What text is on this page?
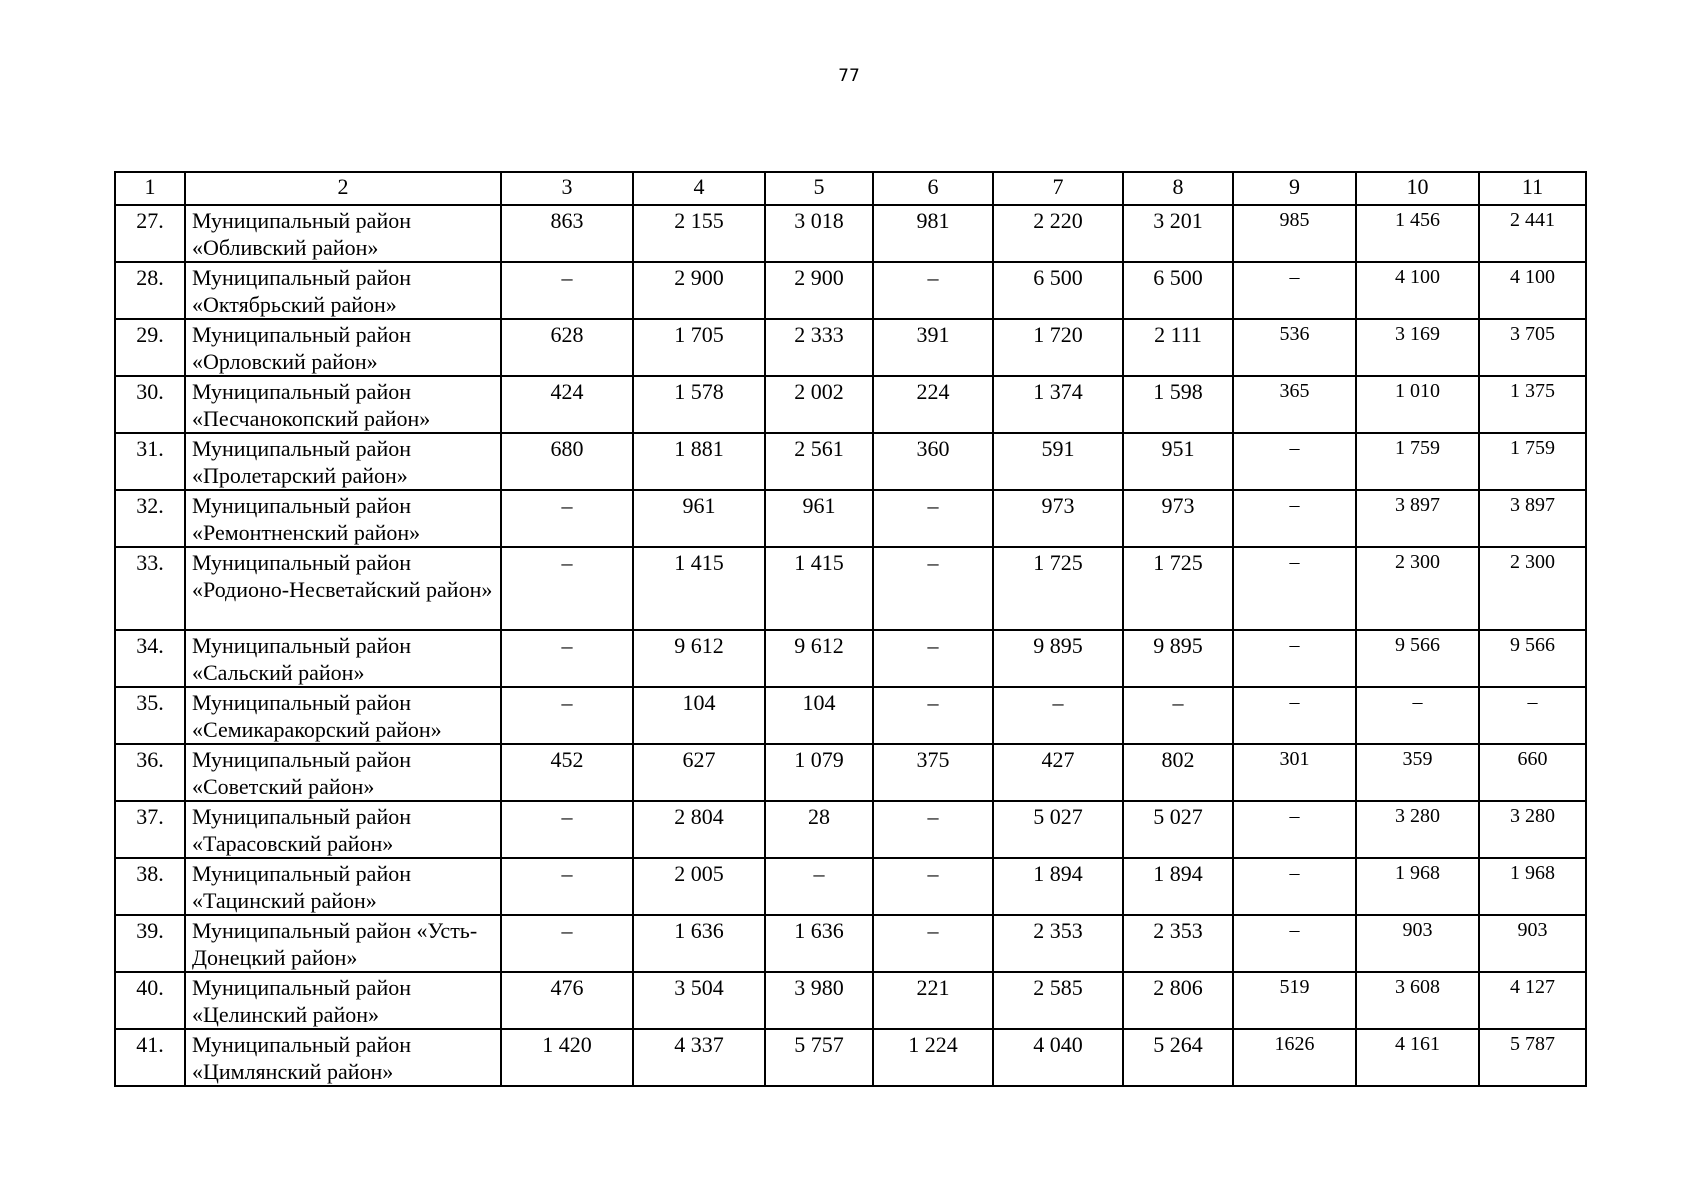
77
1	2	3	4	5	6	7	8	9	10	11
27.	Муниципальный район «Обливский район»	863	2 155	3 018	981	2 220	3 201	985	1 456	2 441
28.	Муниципальный район «Октябрьский район»	–	2 900	2 900	–	6 500	6 500	–	4 100	4 100
29.	Муниципальный район «Орловский район»	628	1 705	2 333	391	1 720	2 111	536	3 169	3 705
30.	Муниципальный район «Песчанокопский район»	424	1 578	2 002	224	1 374	1 598	365	1 010	1 375
31.	Муниципальный район «Пролетарский район»	680	1 881	2 561	360	591	951	–	1 759	1 759
32.	Муниципальный район «Ремонтненский район»	–	961	961	–	973	973	–	3 897	3 897
33.	Муниципальный район «Родионо-Несветайский район»	–	1 415	1 415	–	1 725	1 725	–	2 300	2 300
34.	Муниципальный район «Сальский район»	–	9 612	9 612	–	9 895	9 895	–	9 566	9 566
35.	Муниципальный район «Семикаракорский район»	–	104	104	–	–	–	–	–	–
36.	Муниципальный район «Советский район»	452	627	1 079	375	427	802	301	359	660
37.	Муниципальный район «Тарасовский район»	–	2 804	28	–	5 027	5 027	–	3 280	3 280
38.	Муниципальный район «Тацинский район»	–	2 005	–	–	1 894	1 894	–	1 968	1 968
39.	Муниципальный район «Усть-Донецкий район»	–	1 636	1 636	–	2 353	2 353	–	903	903
40.	Муниципальный район «Целинский район»	476	3 504	3 980	221	2 585	2 806	519	3 608	4 127
41.	Муниципальный район «Цимлянский район»	1 420	4 337	5 757	1 224	4 040	5 264	1626	4 161	5 787
